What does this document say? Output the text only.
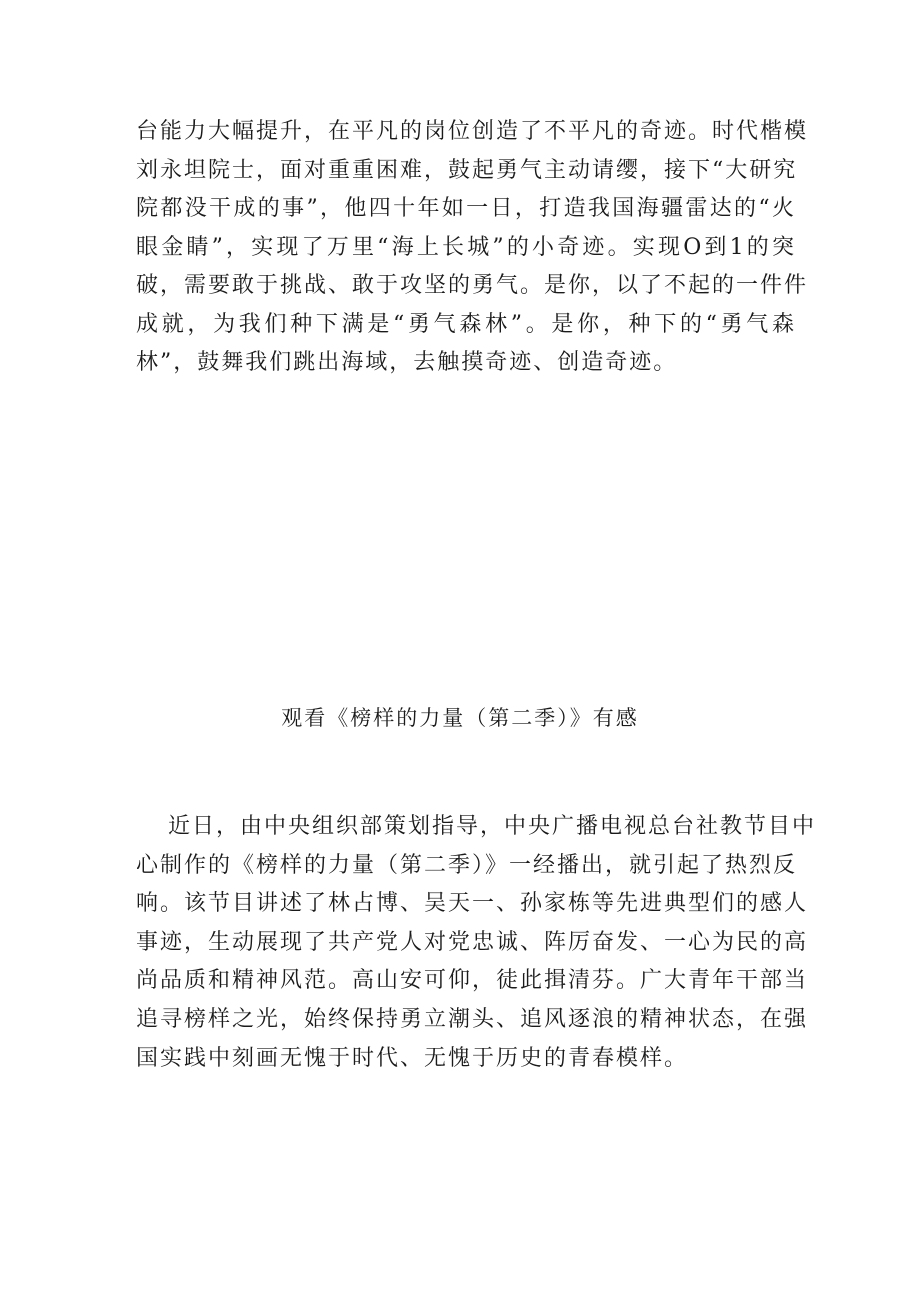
台能力大幅提升，在平凡的岗位创造了不平凡的奇迹。时代楷模
刘永坦院士，面对重重困难，鼓起勇气主动请缨，接下“大研究
院都没干成的事”，他四十年如一日，打造我国海疆雷达的“火
眼金睛”，实现了万里“海上长城”的小奇迹。实现O到1的突
破，需要敢于挑战、敢于攻坚的勇气。是你，以了不起的一件件
成就，为我们种下满是“勇气森林”。是你，种下的“勇气森
林”，鼓舞我们跳出海域，去触摸奇迹、创造奇迹。
观看《榜样的力量（第二季）》有感
近日，由中央组织部策划指导，中央广播电视总台社教节目中
心制作的《榜样的力量（第二季）》一经播出，就引起了热烈反
响。该节目讲述了林占博、吴天一、孙家栋等先进典型们的感人
事迹，生动展现了共产党人对党忠诚、阵厉奋发、一心为民的高
尚品质和精神风范。高山安可仰，徒此揖清芬。广大青年干部当
追寻榜样之光，始终保持勇立潮头、追风逐浪的精神状态，在强
国实践中刻画无愧于时代、无愧于历史的青春模样。
